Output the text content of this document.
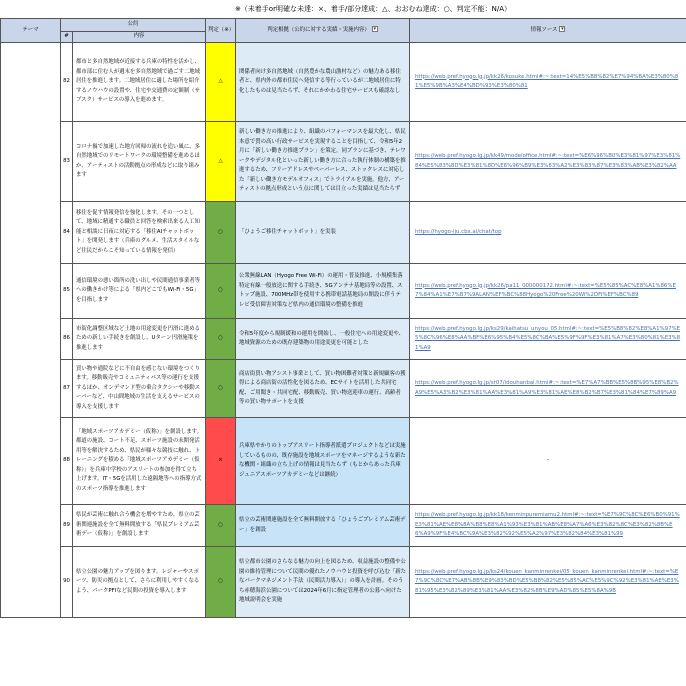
※（未着手or明確な未達：×、着手/部分達成：△、おおむね達成：○、判定不能：N/A）
テーマ	公約		判定（※）	判定根拠（公約に対する実績・実施内容） ▾	情報ソース ▾
	#	内容			
	82	都市と多自然地域が近接する兵庫の特性を活かし、都市部に住む人が週末を多自然地域で過ごす二地域居住を推進します。二地域居住に適した場所を紹介するノウハウの設置や、住宅や交通費の定額制（サブスク）サービスの導入を進めます。	△	関係者向け多自然地域（自然豊かな農山漁村など）の魅力ある移住者と、県内外の都市住民へ発信する等行っているが二地域居住に特化したものは見当たらず、それにかかわる住宅サービスも確認なし	https://web.pref.hyogo.lg.jp/kk26/kosuke.html#:~:text=14%E5%B8%82%E7%94%BA%E3%80%81%E5%9B%A3%E4%BD%93%E3%80%81
	83	コロナ禍で加速した地方回帰の流れを追い風に、多自然地域でのリモートワークの環境整備を進めるほか、アーティストの活動拠点の形成などに取り組みます	△	新しい働き方の推進により、組織のパフォーマンスを最大化し、県民本意で質の高い行政サービスを実現することを目指して、令和5年2月に「新しい働き方推進プラン」を策定。同プランに基づき、テレワークやデジタル化といった新しい働き方に合った執行体制の構築を推進するため、フリーアドレスやペーパーレス、ストックレスに対応した「新しい働き方モデルオフィス」でトライアルを実施。他方、アーティストの拠点形成という点に関しては目立った実績は見当たらず	https://web.pref.hyogo.lg.jp/kk49/modeloffice.html#:~:text=%E6%96%B0%E3%81%97%E3%81%84%E5%83%8D%E3%81%8D%E6%96%B9%E3%83%A2%E3%83%87%E3%83%AB%E3%82%AA
	84	移住を促す情報発信を強化します。その一つとして、地域に精通する職員と回答を検索出来る人工知能と相談に日夜に対応する「移住AIチャットボット」を開発します（兵庫のグルメ、生活スタイルなど住民だからこそ知っている情報を発信）	○	「ひょうご移住チャットボット」を実装	https://hyogo-iju.cbx.ai/chat/top
	85	通信環境の悪い箇所の洗い出しや民間通信事業者等への働きかけ等による「県内どこでもWi-Fi・5G」を目指します	○	公衆無線LAN（Hyogo Free Wi-Fi）の運用・普及推進、小規模集落特定有線一般放送に関する手続き、5Gアンテナ基地局等の設置、ストップ施設、700MHz帯を使用する携帯電話基地局の開設に伴うテレビ受信障害対策など県内の通信環境の整備を推進	https://web.pref.hyogo.lg.jp/kk26/pa11_000000172.html#:~:text=%E5%85%AC%E8%A1%86%E7%84%A1%E7%B7%9ALAN%EF%BC%88Hyogo%20Free%20Wi%2DFi%EF%BC%89
	86	市街化調整区域など土地の用途変更を円滑に進めるための新しい手続きを創設し、Uターン円滑施策を推進します	○	令和5年度から規制緩和の運用を開始し、一般住宅への用途変更や、地域資源のための既存建築物の用途変更を可能とした	https://web.pref.hyogo.lg.jp/ks29/kaihatsu_unyou_05.html#:~:text=%E5%B8%82%E8%A1%97%E5%8C%96%E8%AA%BF%E6%95%B4%E5%8C%BA%E5%9F%9F%E3%81%A7%E3%80%81%E3%81%A9
	87	買い物や通院などに不自由を感じない環境をつくります。移動販売やコミュニティバス等の運行を支援するほか、オンデマンド型の乗合タクシーや移動スーパーなど、中山間地域の生活を支えるサービスの導入を支援します	○	商店街買い物アシスト事業として、買い物困難者対策と新規顧客の獲得による商店街の活性化を図るため、ECサイトを活用した共同宅配、ご用聞き・共同宅配、移動販売、買い物送迎車の運行、高齢者等の買い物サポートを支援	https://web.pref.hyogo.lg.jp/sr07/idouhanbai.html#:~:text=%E7%A7%BB%E5%8B%95%E8%B2%A9%E5%A3%B2%E3%81%AA%E3%81%A9%E3%81%AE%E8%B2%B7%E3%81%84%E7%89%A9
	88	「地域スポーツアカデミー（仮称）」を創設します。都道の施設、コート不足、スポーツ施設の未開発活用等を解決するため、県民が様々な競技に触れ、トレーニングを積める「地域スポーツアカデミー（仮称）」を兵庫中学校のアスリートの参加を得て立ち上げます。IT・5Gを活用した遠隔地等への指導方式のスポーツ指導を推進します	×	兵庫県やかりのトップアスリート指導者派遣プロジェクトなどは実施しているものの、既存施設を地域スポーツをマネージするような新たな機関・組織の立ち上げの情報は見当たらず（もとからあった兵庫ジュニアスポーツアカデミーなどは継続）	-
	89	県民が芸術に触れ合う機会を増やすため、県立の芸術関連施設を全て無料開放する「県民プレミアム芸術デー（仮称）」を創設します	○	県立の芸術関連施設を全て無料開放する「ひょうごプレミアム芸術デー」を創設	https://web.pref.hyogo.lg.jp/kk18/kenminpuremiamu2.html#:~:text=%E7%9C%8C%E6%B0%91%E3%81%AE%E8%8A%B8%E8%A1%93%E3%81%AB%E8%A7%A6%E3%82%8C%E3%82%8B%E6%A9%9F%E4%BC%9A%E3%82%92%E5%A2%97%E3%82%84%E3%81%99
	90	県立公園の魅力アップを図ります。レジャーやスポーツ、防災の拠点として、さらに利用しやすくなるよう、パークPFIなど民間の投資を導入します	○	県立都市公園のさらなる魅力の向上を図るため、収益施設の整備や公園の維持管理について民間の優れたノウハウと投資を呼び込む「新たなパークマネジメント手法（民間活力導入）」の導入を計画。そのうち赤穂海浜公園については2024年6月に指定管理者の公募へ向けた地域説明会を実施	https://web.pref.hyogo.lg.jp/ks24/kouen_kanminrenkei/05_kouen_kanminrenkei.html#:~:text=%E7%9C%8C%E7%AB%8B%E9%83%BD%E5%B8%82%E5%85%AC%E5%9C%92%E3%81%AE%E3%81%95%E3%82%89%E3%81%AA%E3%82%8B%E9%AD%85%E5%8A%9B
